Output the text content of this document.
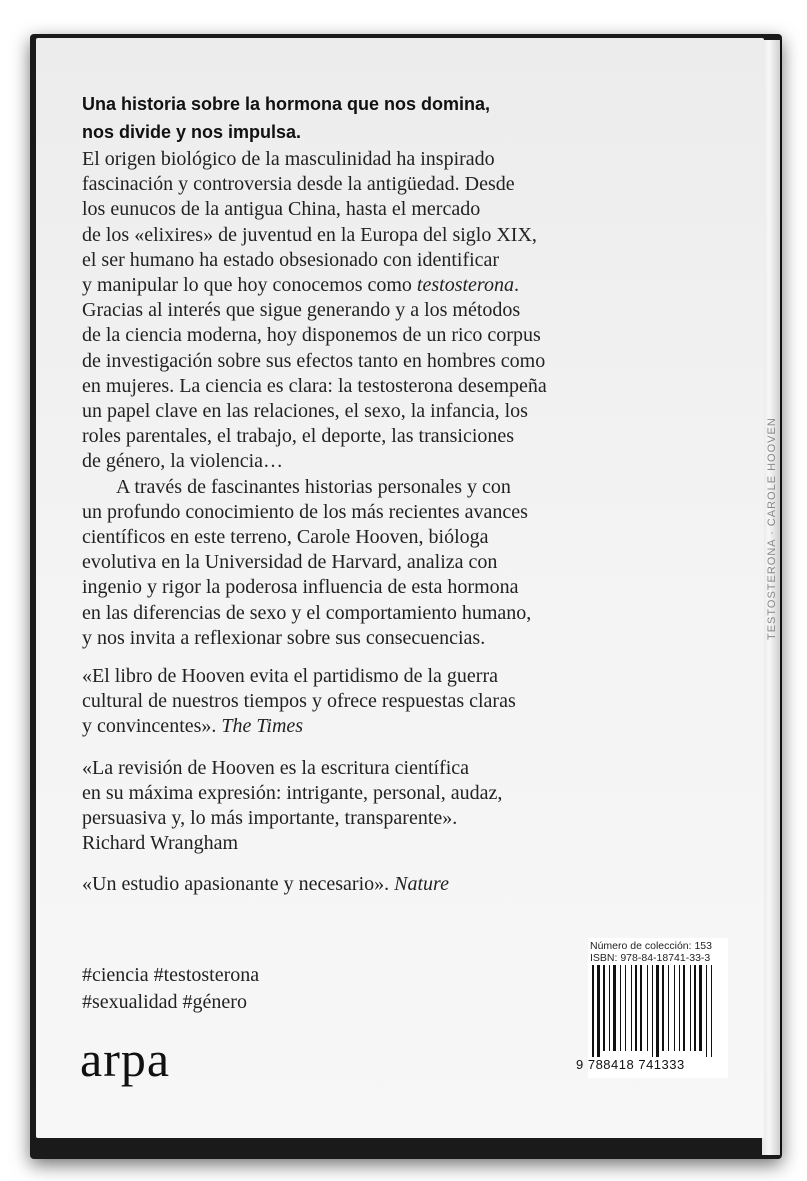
TESTOSTERONA · CAROLE HOOVEN

Una historia sobre la hormona que nos domina,
nos divide y nos impulsa.

El origen biológico de la masculinidad ha inspirado
fascinación y controversia desde la antigüedad. Desde
los eunucos de la antigua China, hasta el mercado
de los «elixires» de juventud en la Europa del siglo XIX,
el ser humano ha estado obsesionado con identificar
y manipular lo que hoy conocemos como testosterona.
Gracias al interés que sigue generando y a los métodos
de la ciencia moderna, hoy disponemos de un rico corpus
de investigación sobre sus efectos tanto en hombres como
en mujeres. La ciencia es clara: la testosterona desempeña
un papel clave en las relaciones, el sexo, la infancia, los
roles parentales, el trabajo, el deporte, las transiciones
de género, la violencia…
A través de fascinantes historias personales y con
un profundo conocimiento de los más recientes avances
científicos en este terreno, Carole Hooven, bióloga
evolutiva en la Universidad de Harvard, analiza con
ingenio y rigor la poderosa influencia de esta hormona
en las diferencias de sexo y el comportamiento humano,
y nos invita a reflexionar sobre sus consecuencias.

«El libro de Hooven evita el partidismo de la guerra
cultural de nuestros tiempos y ofrece respuestas claras
y convincentes». The Times

«La revisión de Hooven es la escritura científica
en su máxima expresión: intrigante, personal, audaz,
persuasiva y, lo más importante, transparente».
Richard Wrangham

«Un estudio apasionante y necesario». Nature

#ciencia #testosterona
#sexualidad #género
arpa
Número de colección: 153
ISBN: 978-84-18741-33-3
9 788418 741333
